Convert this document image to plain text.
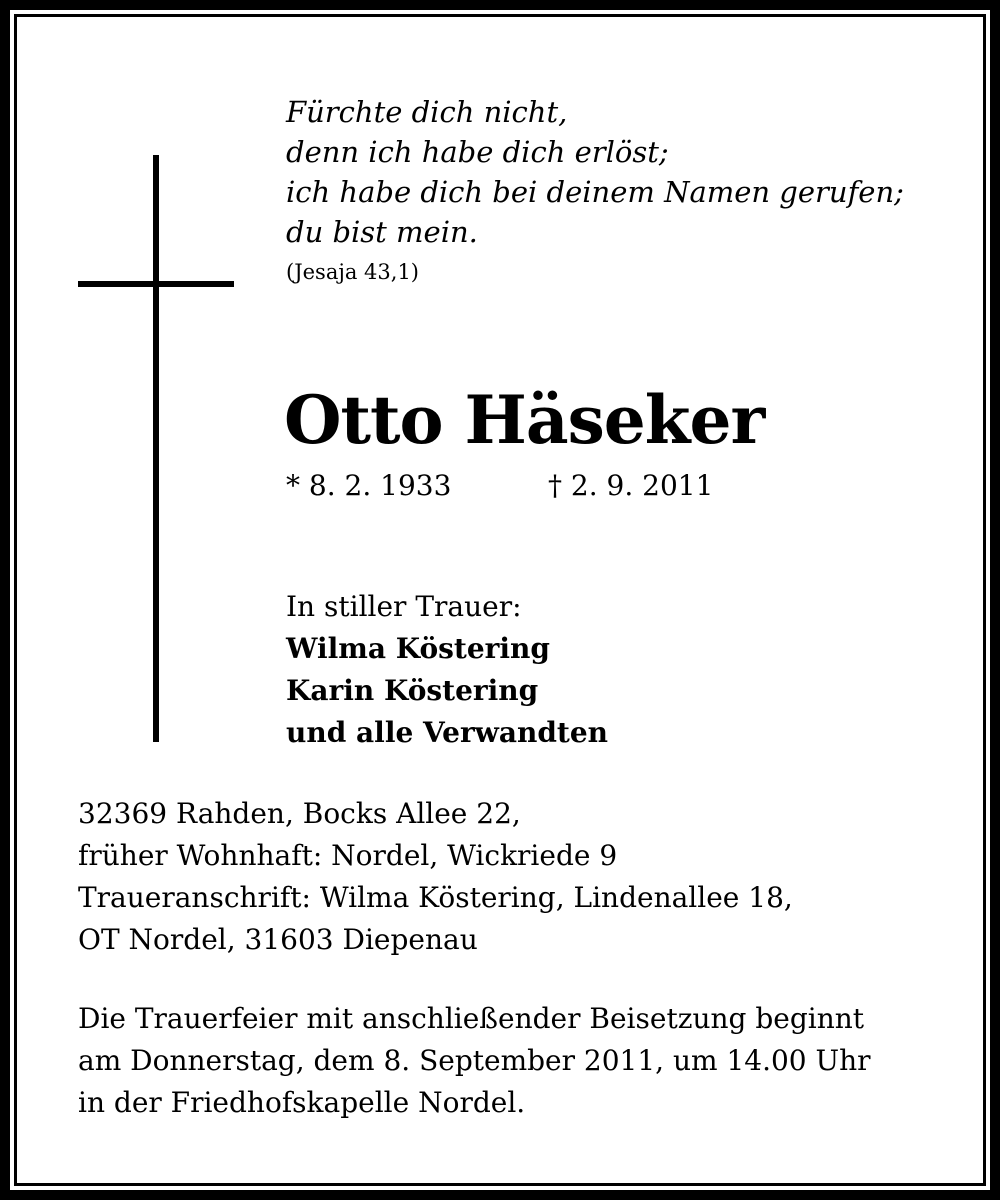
Fürchte dich nicht,
denn ich habe dich erlöst;
ich habe dich bei deinem Namen gerufen;
du bist mein.
(Jesaja 43,1)
Otto Häseker
* 8. 2. 1933	† 2. 9. 2011
In stiller Trauer:
Wilma Köstering
Karin Köstering
und alle Verwandten
32369 Rahden, Bocks Allee 22,
früher Wohnhaft: Nordel, Wickriede 9
Traueranschrift: Wilma Köstering, Lindenallee 18,
OT Nordel, 31603 Diepenau
Die Trauerfeier mit anschließender Beisetzung beginnt
am Donnerstag, dem 8. September 2011, um 14.00 Uhr
in der Friedhofskapelle Nordel.
